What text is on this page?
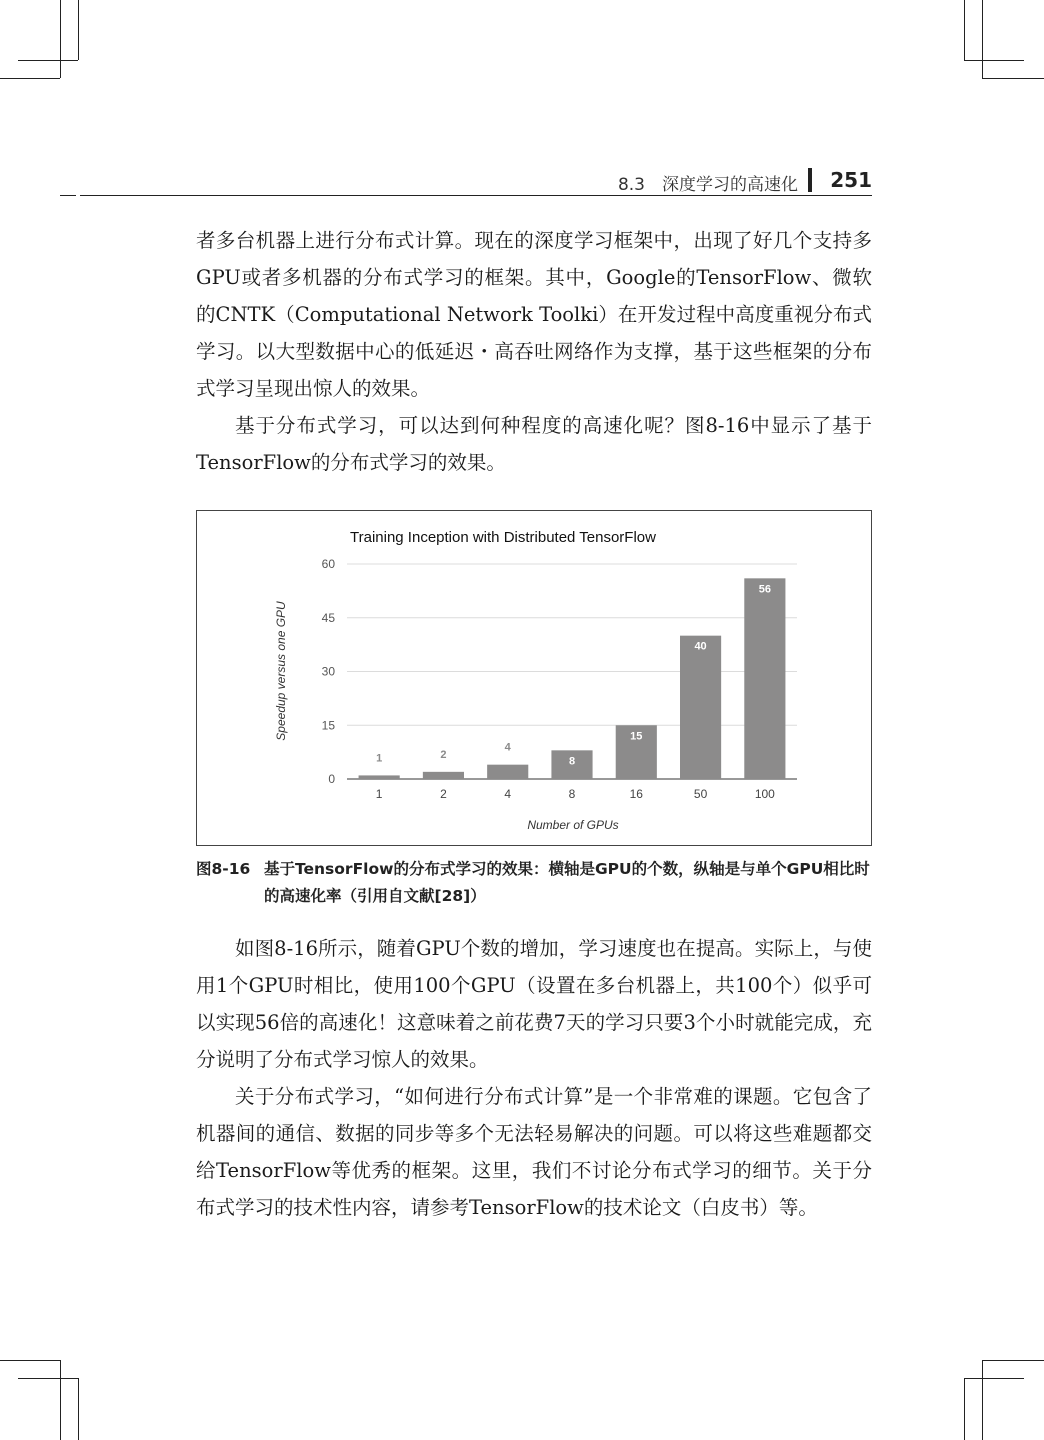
8.3　深度学习的高速化 251

者多台机器上进行分布式计算。现在的深度学习框架中，出现了好几个支持多GPU或者多机器的分布式学习的框架。其中，Google的TensorFlow、微软的CNTK（Computational Network Toolki）在开发过程中高度重视分布式学习。以大型数据中心的低延迟・高吞吐网络作为支撑，基于这些框架的分布式学习呈现出惊人的效果。

基于分布式学习，可以达到何种程度的高速化呢？图8-16中显示了基于TensorFlow的分布式学习的效果。

Training Inception with Distributed TensorFlow
Speedup versus one GPU
Number of GPUs
0
15
30
45
60
1
1
2
2
4
4
8
8
15
16
40
50
56
100
图8-16 基于TensorFlow的分布式学习的效果：横轴是GPU的个数，纵轴是与单个GPU相比时的高速化率（引用自文献[28]）

如图8-16所示，随着GPU个数的增加，学习速度也在提高。实际上，与使用1个GPU时相比，使用100个GPU（设置在多台机器上，共100个）似乎可以实现56倍的高速化！这意味着之前花费7天的学习只要3个小时就能完成，充分说明了分布式学习惊人的效果。

关于分布式学习，“如何进行分布式计算”是一个非常难的课题。它包含了机器间的通信、数据的同步等多个无法轻易解决的问题。可以将这些难题都交给TensorFlow等优秀的框架。这里，我们不讨论分布式学习的细节。关于分布式学习的技术性内容，请参考TensorFlow的技术论文（白皮书）等。
